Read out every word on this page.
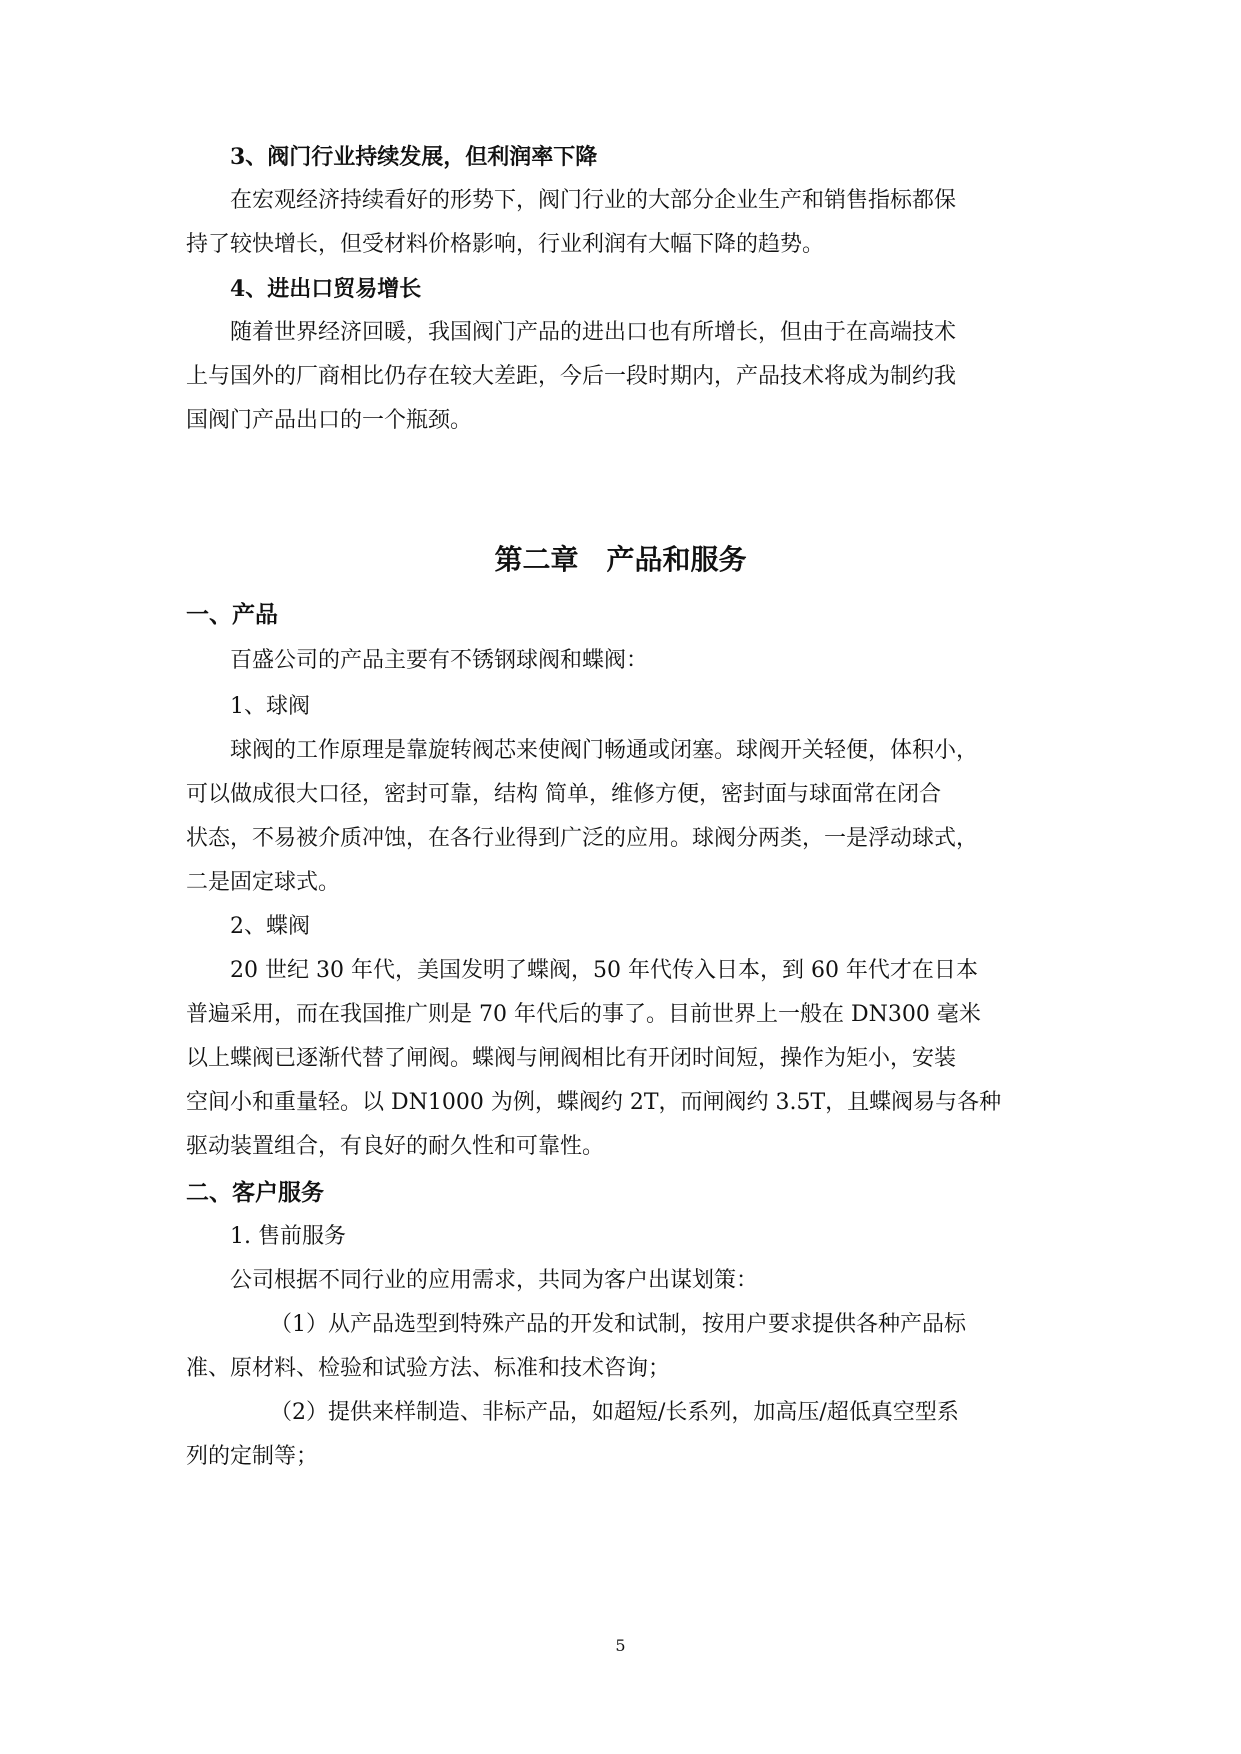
3、阀门行业持续发展，但利润率下降
在宏观经济持续看好的形势下，阀门行业的大部分企业生产和销售指标都保
持了较快增长，但受材料价格影响，行业利润有大幅下降的趋势。
4、进出口贸易增长
随着世界经济回暖，我国阀门产品的进出口也有所增长，但由于在高端技术
上与国外的厂商相比仍存在较大差距，今后一段时期内，产品技术将成为制约我
国阀门产品出口的一个瓶颈。
一、产品
百盛公司的产品主要有不锈钢球阀和蝶阀：
1、球阀
球阀的工作原理是靠旋转阀芯来使阀门畅通或闭塞。球阀开关轻便，体积小，
可以做成很大口径，密封可靠，结构 简单，维修方便，密封面与球面常在闭合
状态，不易被介质冲蚀，在各行业得到广泛的应用。球阀分两类，一是浮动球式，
二是固定球式。
2、蝶阀
20 世纪 30 年代，美国发明了蝶阀，50 年代传入日本，到 60 年代才在日本
普遍采用，而在我国推广则是 70 年代后的事了。目前世界上一般在 DN300 毫米
以上蝶阀已逐渐代替了闸阀。蝶阀与闸阀相比有开闭时间短，操作为矩小，安装
空间小和重量轻。以 DN1000 为例，蝶阀约 2T，而闸阀约 3.5T，且蝶阀易与各种
驱动装置组合，有良好的耐久性和可靠性。
二、客户服务
1. 售前服务
公司根据不同行业的应用需求，共同为客户出谋划策：
（1）从产品选型到特殊产品的开发和试制，按用户要求提供各种产品标
准、原材料、检验和试验方法、标准和技术咨询；
（2）提供来样制造、非标产品，如超短/长系列，加高压/超低真空型系
列的定制等；
第二章　产品和服务
5
